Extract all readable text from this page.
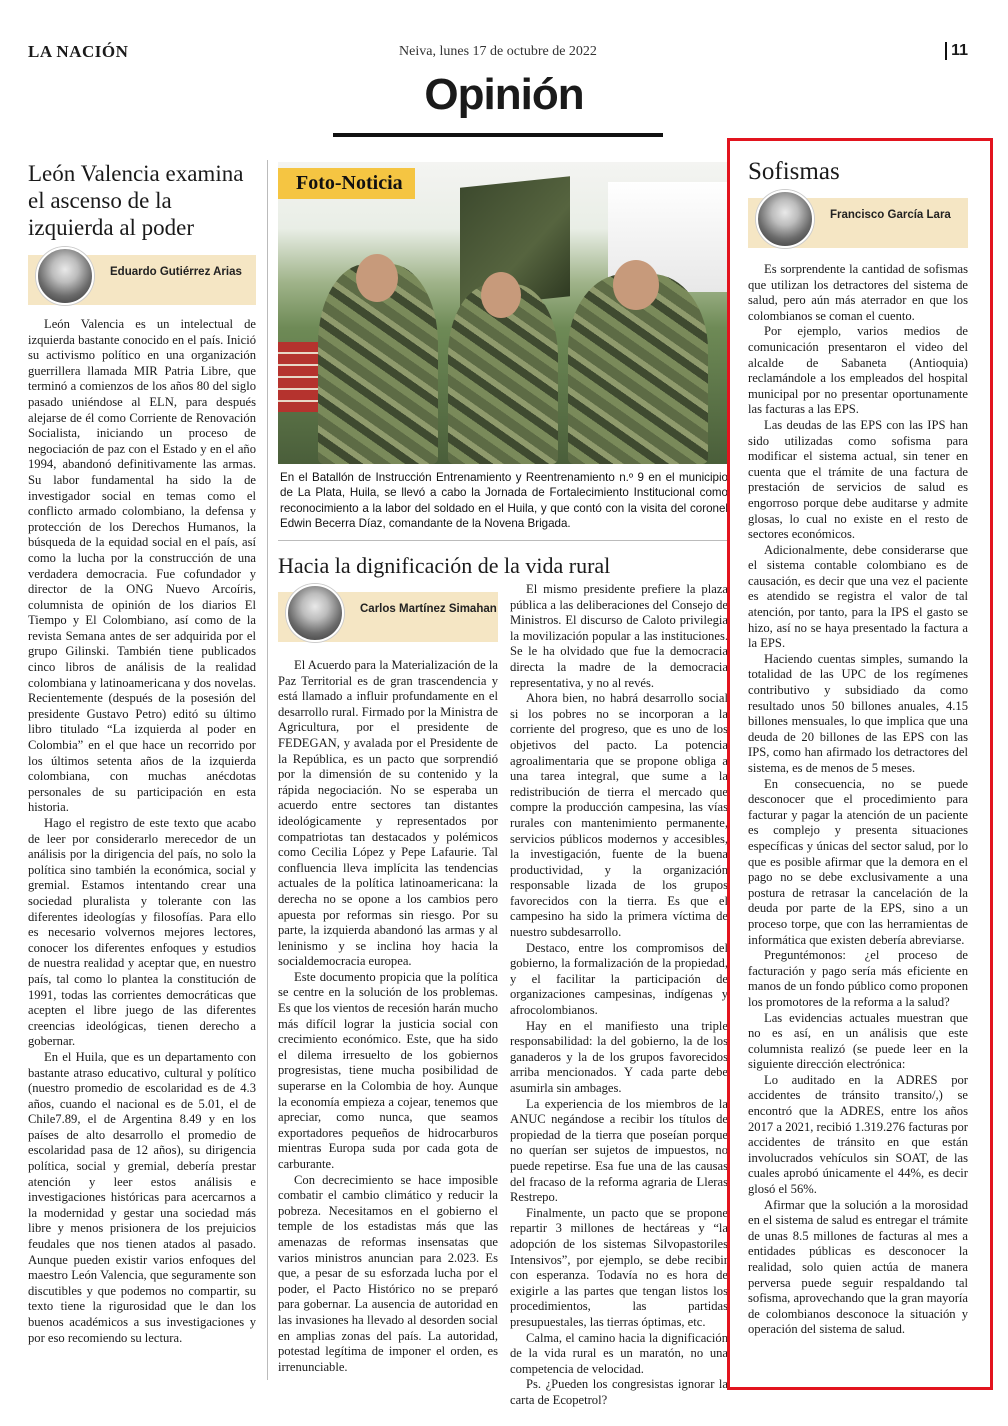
LA NACIÓN	Neiva, lunes 17 de octubre de 2022	11
Opinión
León Valencia examina el ascenso de la izquierda al poder
Eduardo Gutiérrez Arias

León Valencia es un intelectual de izquierda bastante conocido en el país. Inició su activismo político en una organización guerrillera llamada MIR Patria Libre, que terminó a comienzos de los años 80 del siglo pasado uniéndose al ELN, para después alejarse de él como Corriente de Renovación Socialista, iniciando un proceso de negociación de paz con el Estado y en el año 1994, abandonó definitivamente las armas. Su labor fundamental ha sido la de investigador social en temas como el conflicto armado colombiano, la defensa y protección de los Derechos Humanos, la búsqueda de la equidad social en el país, así como la lucha por la construcción de una verdadera democracia. Fue cofundador y director de la ONG Nuevo Arcoíris, columnista de opinión de los diarios El Tiempo y El Colombiano, así como de la revista Semana antes de ser adquirida por el grupo Gilinski. También tiene publicados cinco libros de análisis de la realidad colombiana y latinoamericana y dos novelas. Recientemente (después de la posesión del presidente Gustavo Petro) editó su último libro titulado “La izquierda al poder en Colombia” en el que hace un recorrido por los últimos setenta años de la izquierda colombiana, con muchas anécdotas personales de su participación en esta historia.

Hago el registro de este texto que acabo de leer por considerarlo merecedor de un análisis por la dirigencia del país, no solo la política sino también la económica, social y gremial. Estamos intentando crear una sociedad pluralista y tolerante con las diferentes ideologías y filosofías. Para ello es necesario volvernos mejores lectores, conocer los diferentes enfoques y estudios de nuestra realidad y aceptar que, en nuestro país, tal como lo plantea la constitución de 1991, todas las corrientes democráticas que acepten el libre juego de las diferentes creencias ideológicas, tienen derecho a gobernar.

En el Huila, que es un departamento con bastante atraso educativo, cultural y político (nuestro promedio de escolaridad es de 4.3 años, cuando el nacional es de 5.01, el de Chile7.89, el de Argentina 8.49 y en los países de alto desarrollo el promedio de escolaridad pasa de 12 años), su dirigencia política, social y gremial, debería prestar atención y leer estos análisis e investigaciones históricas para acercarnos a la modernidad y gestar una sociedad más libre y menos prisionera de los prejuicios feudales que nos tienen atados al pasado. Aunque pueden existir varios enfoques del maestro León Valencia, que seguramente son discutibles y que podemos no compartir, su texto tiene la rigurosidad que le dan los buenos académicos a sus investigaciones y por eso recomiendo su lectura.

Foto-Noticia
En el Batallón de Instrucción Entrenamiento y Reentrenamiento n.º 9 en el municipio de La Plata, Huila, se llevó a cabo la Jornada de Fortalecimiento Institucional como reconocimiento a la labor del soldado en el Huila, y que contó con la visita del coronel Edwin Becerra Díaz, comandante de la Novena Brigada.
Hacia la dignificación de la vida rural
Carlos Martínez Simahan

El Acuerdo para la Materialización de la Paz Territorial es de gran trascendencia y está llamado a influir profundamente en el desarrollo rural. Firmado por la Ministra de Agricultura, por el presidente de FEDEGAN, y avalada por el Presidente de la República, es un pacto que sorprendió por la dimensión de su contenido y la rápida negociación. No se esperaba un acuerdo entre sectores tan distantes ideológicamente y representados por compatriotas tan destacados y polémicos como Cecilia López y Pepe Lafaurie. Tal confluencia lleva implícita las tendencias actuales de la política latinoamericana: la derecha no se opone a los cambios pero apuesta por reformas sin riesgo. Por su parte, la izquierda abandonó las armas y al leninismo y se inclina hoy hacia la socialdemocracia europea.

Este documento propicia que la política se centre en la solución de los problemas. Es que los vientos de recesión harán mucho más difícil lograr la justicia social con crecimiento económico. Este, que ha sido el dilema irresuelto de los gobiernos progresistas, tiene mucha posibilidad de superarse en la Colombia de hoy. Aunque la economía empieza a cojear, tenemos que apreciar, como nunca, que seamos exportadores pequeños de hidrocarburos mientras Europa suda por cada gota de carburante.

Con decrecimiento se hace imposible combatir el cambio climático y reducir la pobreza. Necesitamos en el gobierno el temple de los estadistas más que las amenazas de reformas insensatas que varios ministros anuncian para 2.023. Es que, a pesar de su esforzada lucha por el poder, el Pacto Histórico no se preparó para gobernar. La ausencia de autoridad en las invasiones ha llevado al desorden social en amplias zonas del país. La autoridad, potestad legítima de imponer el orden, es irrenunciable.

El mismo presidente prefiere la plaza pública a las deliberaciones del Consejo de Ministros. El discurso de Caloto privilegia la movilización popular a las instituciones. Se le ha olvidado que fue la democracia directa la madre de la democracia representativa, y no al revés.

Ahora bien, no habrá desarrollo social si los pobres no se incorporan a la corriente del progreso, que es uno de los objetivos del pacto. La potencia agroalimentaria que se propone obliga a una tarea integral, que sume a la redistribución de tierra el mercado que compre la producción campesina, las vías rurales con mantenimiento permanente, servicios públicos modernos y accesibles, la investigación, fuente de la buena productividad, y la organización responsable lizada de los grupos favorecidos con la tierra. Es que el campesino ha sido la primera víctima de nuestro subdesarrollo.

Destaco, entre los compromisos del gobierno, la formalización de la propiedad, y el facilitar la participación de organizaciones campesinas, indígenas y afrocolombianos.

Hay en el manifiesto una triple responsabilidad: la del gobierno, la de los ganaderos y la de los grupos favorecidos arriba mencionados. Y cada parte debe asumirla sin ambages.

La experiencia de los miembros de la ANUC negándose a recibir los títulos de propiedad de la tierra que poseían porque no querían ser sujetos de impuestos, no puede repetirse. Esa fue una de las causas del fracaso de la reforma agraria de Lleras Restrepo.

Finalmente, un pacto que se propone repartir 3 millones de hectáreas y “la adopción de los sistemas Silvopastoriles Intensivos”, por ejemplo, se debe recibir con esperanza. Todavía no es hora de exigirle a las partes que tengan listos los procedimientos, las partidas presupuestales, las tierras óptimas, etc.

Calma, el camino hacia la dignificación de la vida rural es un maratón, no una competencia de velocidad.

Ps. ¿Pueden los congresistas ignorar la carta de Ecopetrol?

Sofismas
Francisco García Lara

Es sorprendente la cantidad de sofismas que utilizan los detractores del sistema de salud, pero aún más aterrador en que los colombianos se coman el cuento.

Por ejemplo, varios medios de comunicación presentaron el video del alcalde de Sabaneta (Antioquia) reclamándole a los empleados del hospital municipal por no presentar oportunamente las facturas a las EPS.

Las deudas de las EPS con las IPS han sido utilizadas como sofisma para modificar el sistema actual, sin tener en cuenta que el trámite de una factura de prestación de servicios de salud es engorroso porque debe auditarse y admite glosas, lo cual no existe en el resto de sectores económicos.

Adicionalmente, debe considerarse que el sistema contable colombiano es de causación, es decir que una vez el paciente es atendido se registra el valor de tal atención, por tanto, para la IPS el gasto se hizo, así no se haya presentado la factura a la EPS.

Haciendo cuentas simples, sumando la totalidad de las UPC de los regímenes contributivo y subsidiado da como resultado unos 50 billones anuales, 4.15 billones mensuales, lo que implica que una deuda de 20 billones de las EPS con las IPS, como han afirmado los detractores del sistema, es de menos de 5 meses.

En consecuencia, no se puede desconocer que el procedimiento para facturar y pagar la atención de un paciente es complejo y presenta situaciones específicas y únicas del sector salud, por lo que es posible afirmar que la demora en el pago no se debe exclusivamente a una postura de retrasar la cancelación de la deuda por parte de la EPS, sino a un proceso torpe, que con las herramientas de informática que existen debería abreviarse.

Preguntémonos: ¿el proceso de facturación y pago sería más eficiente en manos de un fondo público como proponen los promotores de la reforma a la salud?

Las evidencias actuales muestran que no es así, en un análisis que este columnista realizó (se puede leer en la siguiente dirección electrónica:

Lo auditado en la ADRES por accidentes de tránsito transito/,) se encontró que la ADRES, entre los años 2017 a 2021, recibió 1.319.276 facturas por accidentes de tránsito en que están involucrados vehículos sin SOAT, de las cuales aprobó únicamente el 44%, es decir glosó el 56%.

Afirmar que la solución a la morosidad en el sistema de salud es entregar el trámite de unas 8.5 millones de facturas al mes a entidades públicas es desconocer la realidad, solo quien actúa de manera perversa puede seguir respaldando tal sofisma, aprovechando que la gran mayoría de colombianos desconoce la situación y operación del sistema de salud.
